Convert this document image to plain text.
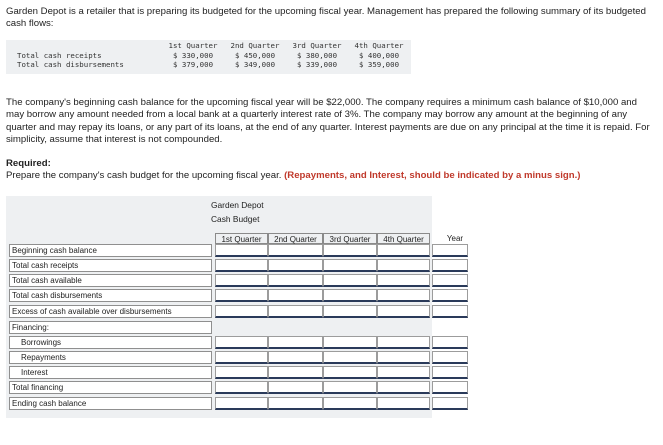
Garden Depot is a retailer that is preparing its budgeted for the upcoming fiscal year. Management has prepared the following summary of its budgeted cash flows:
1st Quarter	2nd Quarter	3rd Quarter	4th Quarter
Total cash receipts	$ 330,000	$ 450,000	$ 380,000	$ 400,000
Total cash disbursements	$ 379,000	$ 349,000	$ 339,000	$ 359,000
The company's beginning cash balance for the upcoming fiscal year will be $22,000. The company requires a minimum cash balance of $10,000 and may borrow any amount needed from a local bank at a quarterly interest rate of 3%. The company may borrow any amount at the beginning of any quarter and may repay its loans, or any part of its loans, at the end of any quarter. Interest payments are due on any principal at the time it is repaid. For simplicity, assume that interest is not compounded.
Required:
Prepare the company's cash budget for the upcoming fiscal year. (Repayments, and Interest, should be indicated by a minus sign.)
Garden Depot
Cash Budget
1st Quarter	2nd Quarter	3rd Quarter	4th Quarter	Year
Beginning cash balance
Total cash receipts
Total cash available
Total cash disbursements
Excess of cash available over disbursements
Financing:
Borrowings
Repayments
Interest
Total financing
Ending cash balance
